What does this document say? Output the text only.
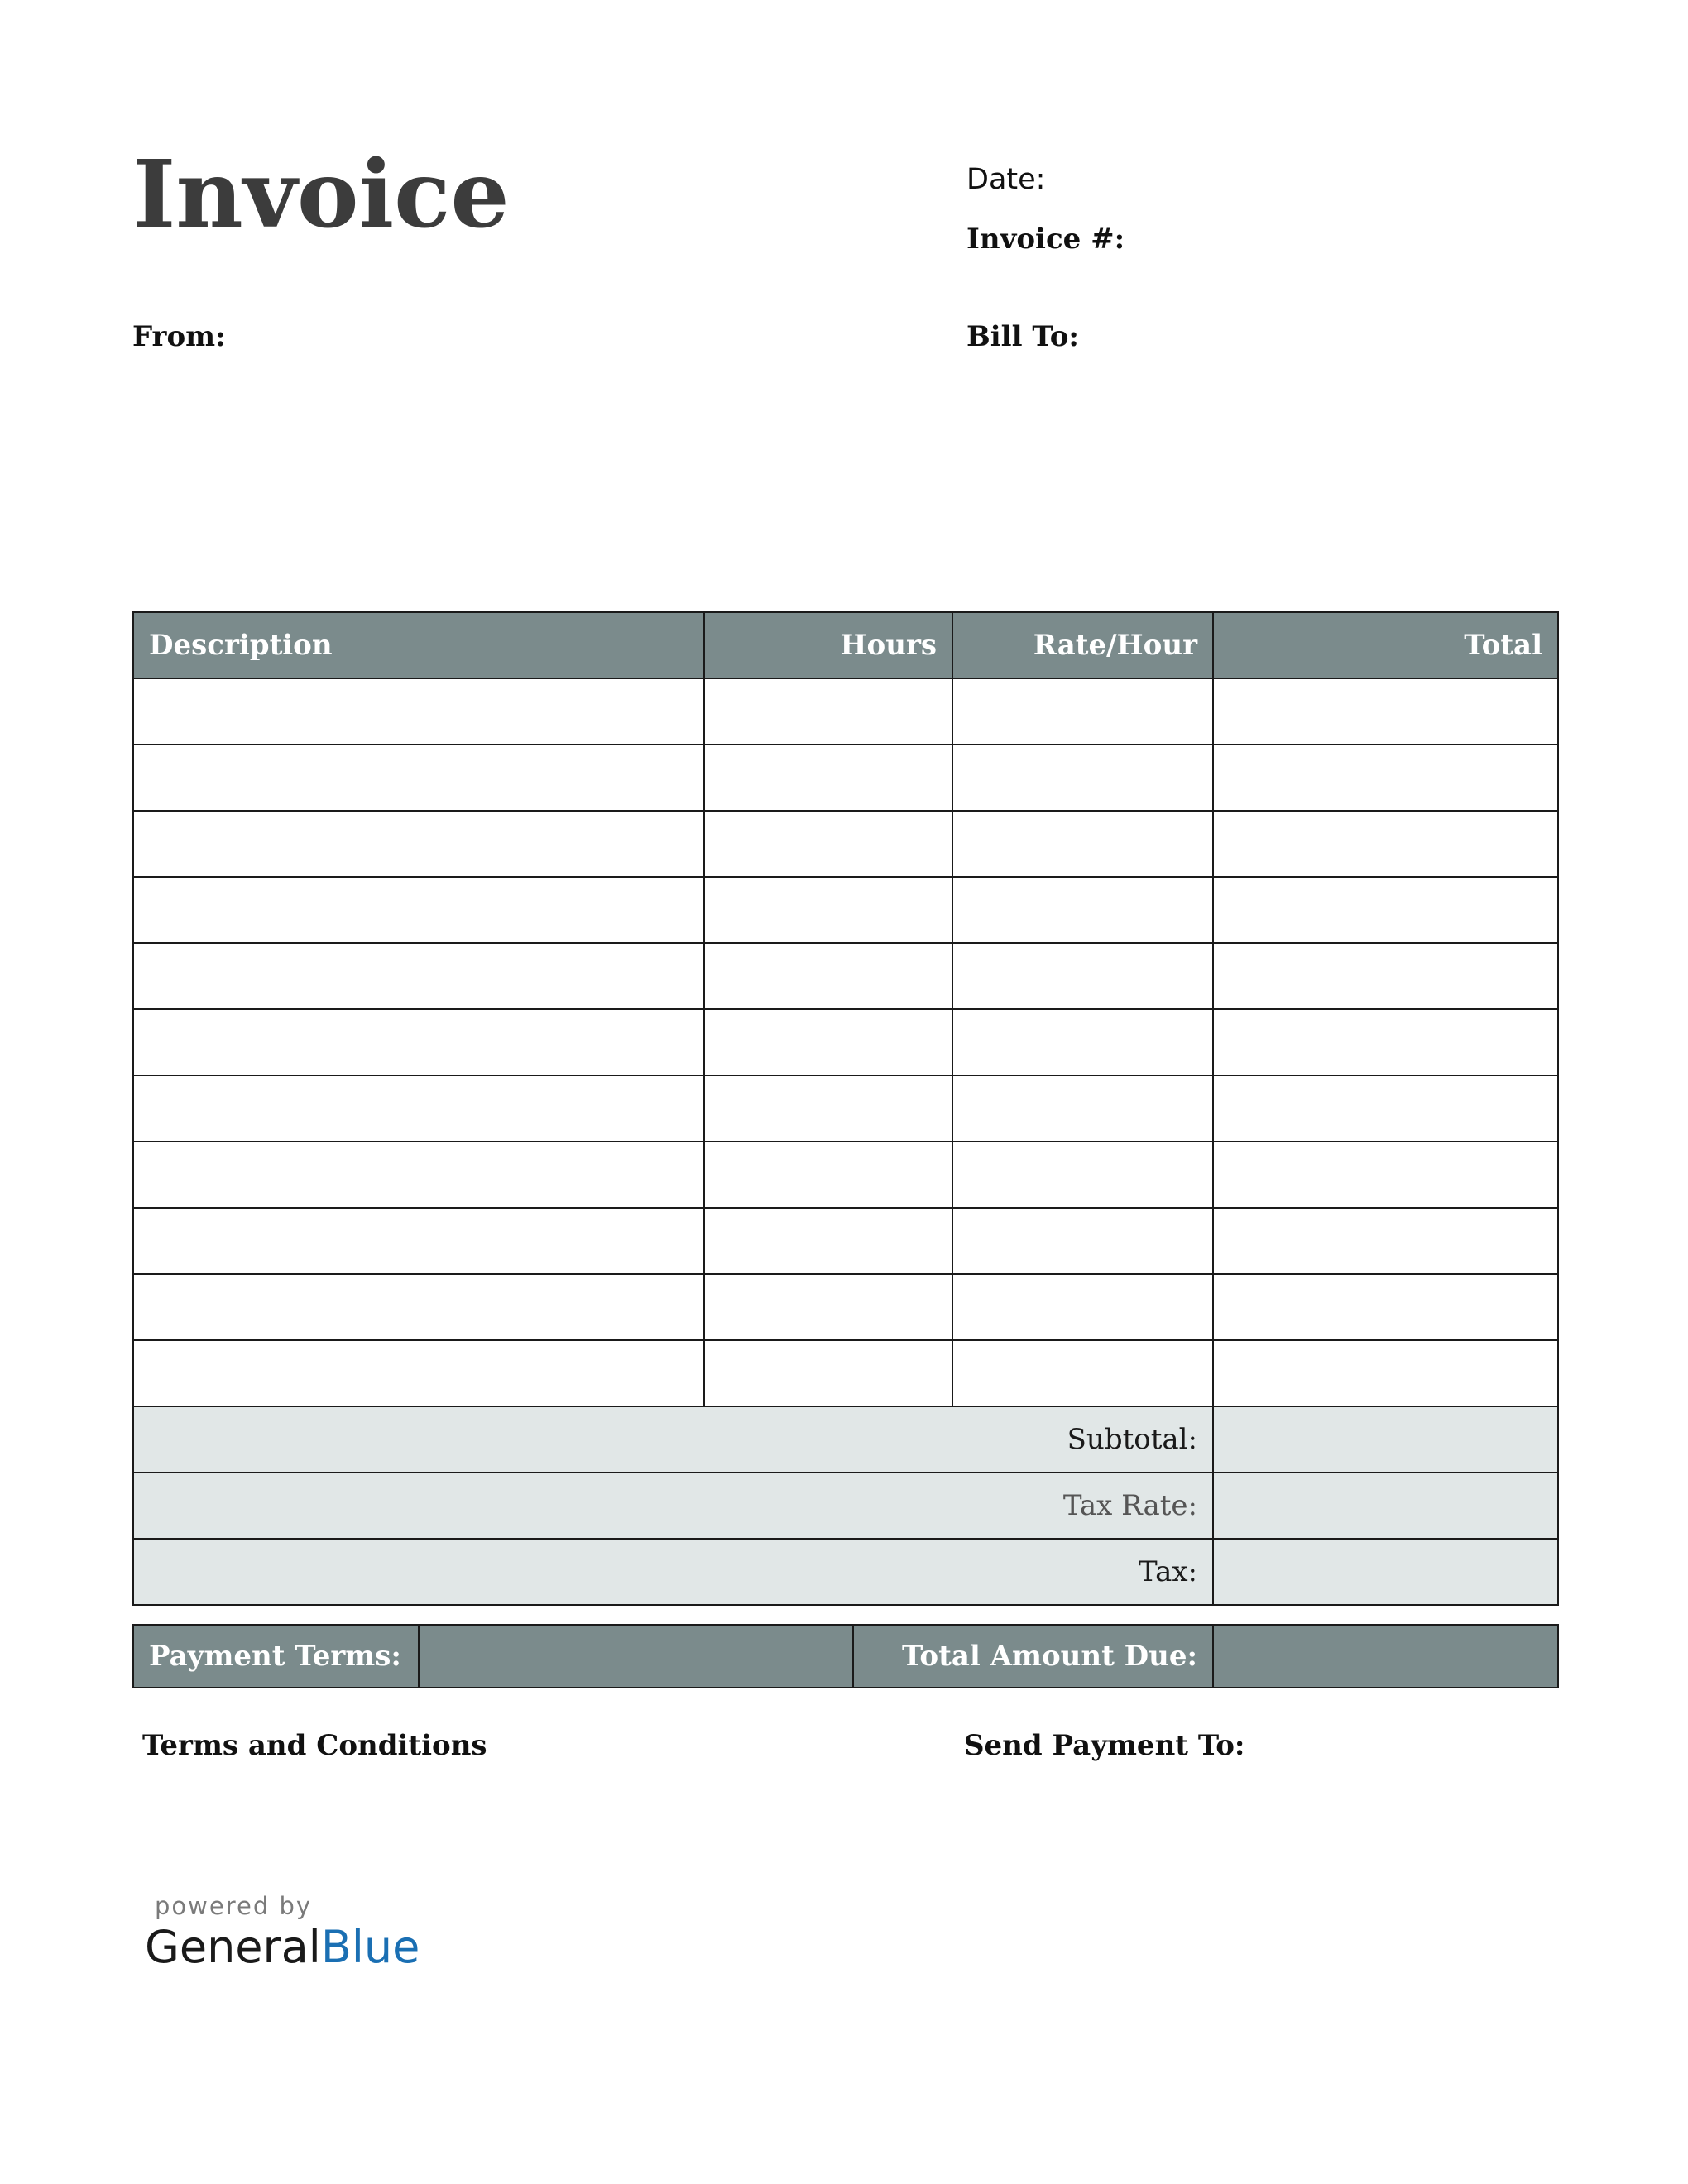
Invoice	Date:
Invoice #:
From:	Bill To:
Description	Hours	Rate/Hour	Total

Subtotal:			
Tax Rate:			
Tax:			
Payment Terms:		Total Amount Due:	
Terms and Conditions	Send Payment To:
powered by
GeneralBlue
